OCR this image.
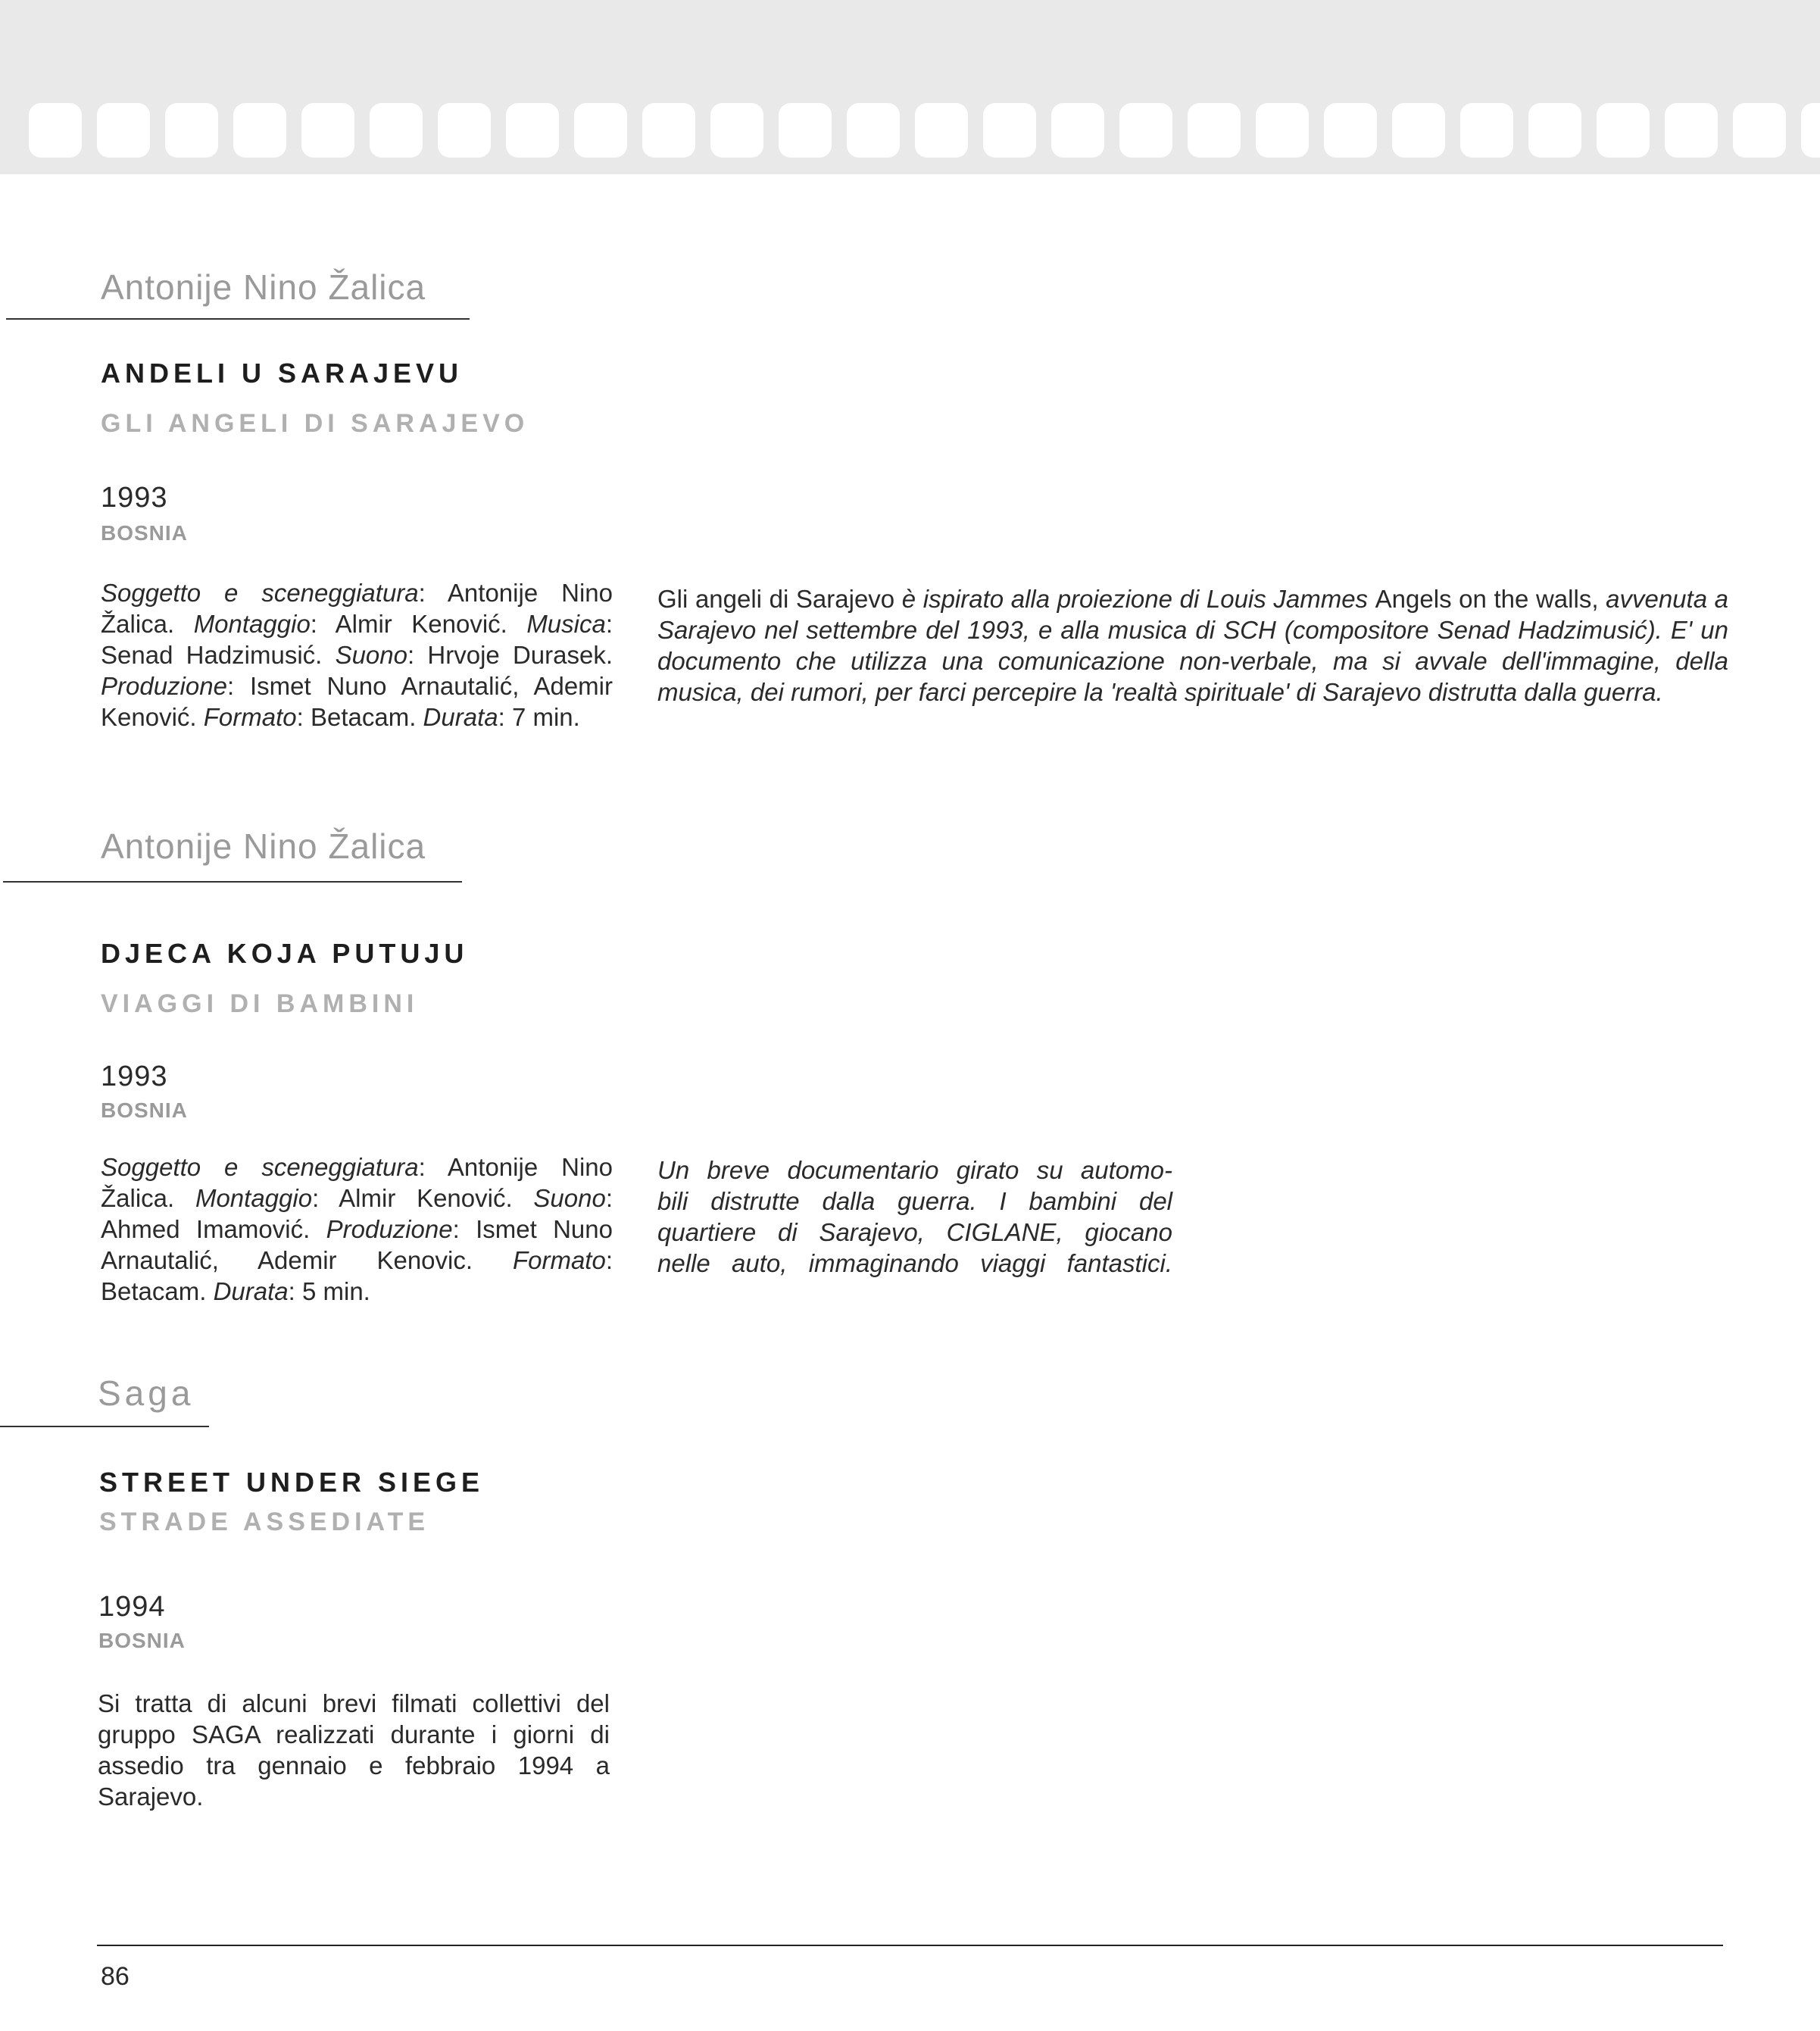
Antonije Nino Žalica
ANDELI U SARAJEVU
GLI ANGELI DI SARAJEVO
1993
BOSNIA

Soggetto e sceneggiatura: Antonije Nino Žalica. Montaggio: Almir Kenović. Musica: Senad Hadzimusić. Suono: Hrvoje Durasek. Produzione: Ismet Nuno Arnautalić, Ademir Kenović. Formato: Betacam. Durata: 7 min.

Gli angeli di Sarajevo è ispirato alla proiezione di Louis Jammes Angels on the walls, avvenuta a Sarajevo nel settembre del 1993, e alla musica di SCH (compositore Senad Hadzimusić). E' un documento che utilizza una comunicazione non-verbale, ma si avvale dell'immagine, della musica, dei rumori, per farci percepire la 'realtà spirituale' di Sarajevo distrutta dalla guerra.

Antonije Nino Žalica
DJECA KOJA PUTUJU
VIAGGI DI BAMBINI
1993
BOSNIA

Soggetto e sceneggiatura: Antonije Nino Žalica. Montaggio: Almir Kenović. Suono: Ahmed Imamović. Produzione: Ismet Nuno Arnautalić, Ademir Kenovic. Formato: Betacam. Durata: 5 min.

Un breve documentario girato su automo-
bili distrutte dalla guerra. I bambini del
quartiere di Sarajevo, CIGLANE, giocano
nelle auto, immaginando viaggi fantastici.
Saga
STREET UNDER SIEGE
STRADE ASSEDIATE
1994
BOSNIA

Si tratta di alcuni brevi filmati collettivi del gruppo SAGA realizzati durante i giorni di assedio tra gennaio e febbraio 1994 a Sarajevo.

86
